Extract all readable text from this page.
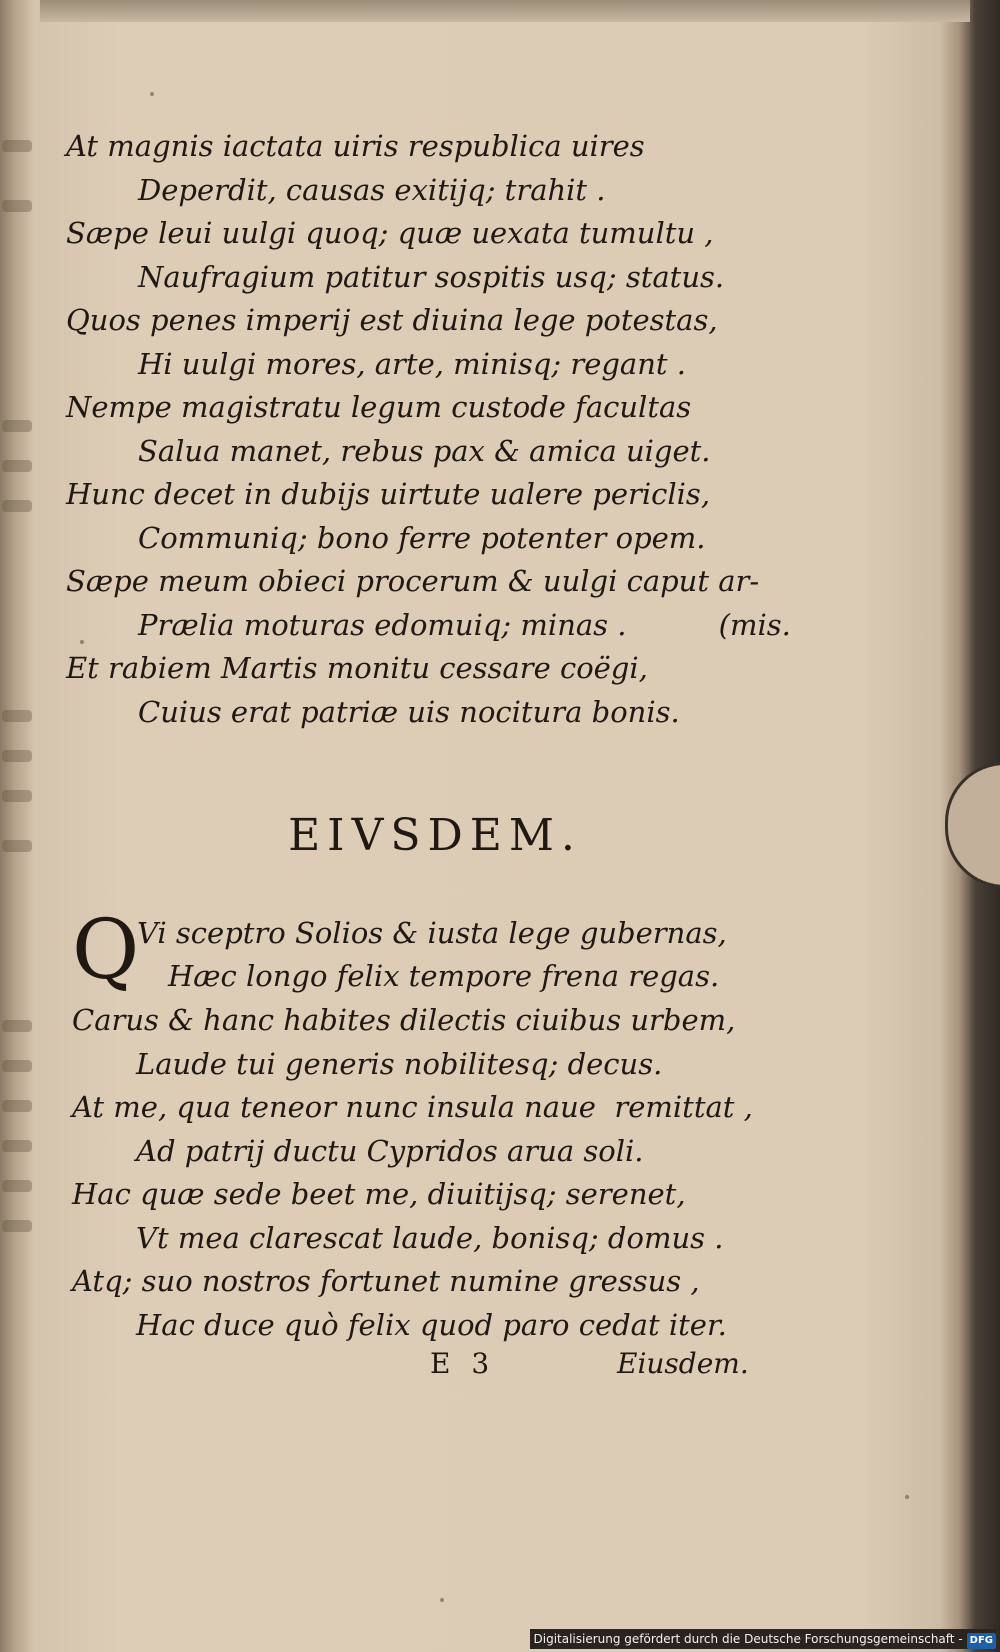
At magnis iactata uiris respublica uires
Deperdit, causas exitijq; trahit .
Sæpe leui uulgi quoq; quæ uexata tumultu ,
Naufragium patitur sospitis usq; status.
Quos penes imperij est diuina lege potestas,
Hi uulgi mores, arte, minisq; regant .
Nempe magistratu legum custode facultas
Salua manet, rebus pax & amica uiget.
Hunc decet in dubijs uirtute ualere periclis,
Communiq; bono ferre potenter opem.
Sæpe meum obieci procerum & uulgi caput ar-
Prælia moturas edomuiq; minas .          (mis.
Et rabiem Martis monitu cessare coëgi,
Cuius erat patriæ uis nocitura bonis.
EIVSDEM.
Q
Vi sceptro Solios & iusta lege gubernas,
Hæc longo felix tempore frena regas.
Carus & hanc habites dilectis ciuibus urbem,
Laude tui generis nobilitesq; decus.
At me, qua teneor nunc insula naue  remittat ,
Ad patrij ductu Cypridos arua soli.
Hac quæ sede beet me, diuitijsq; serenet,
Vt mea clarescat laude, bonisq; domus .
Atq; suo nostros fortunet numine gressus ,
Hac duce quò felix quod paro cedat iter.
E 3	Eiusdem.
Digitalisierung gefördert durch die Deutsche Forschungsgemeinschaft - DFG
